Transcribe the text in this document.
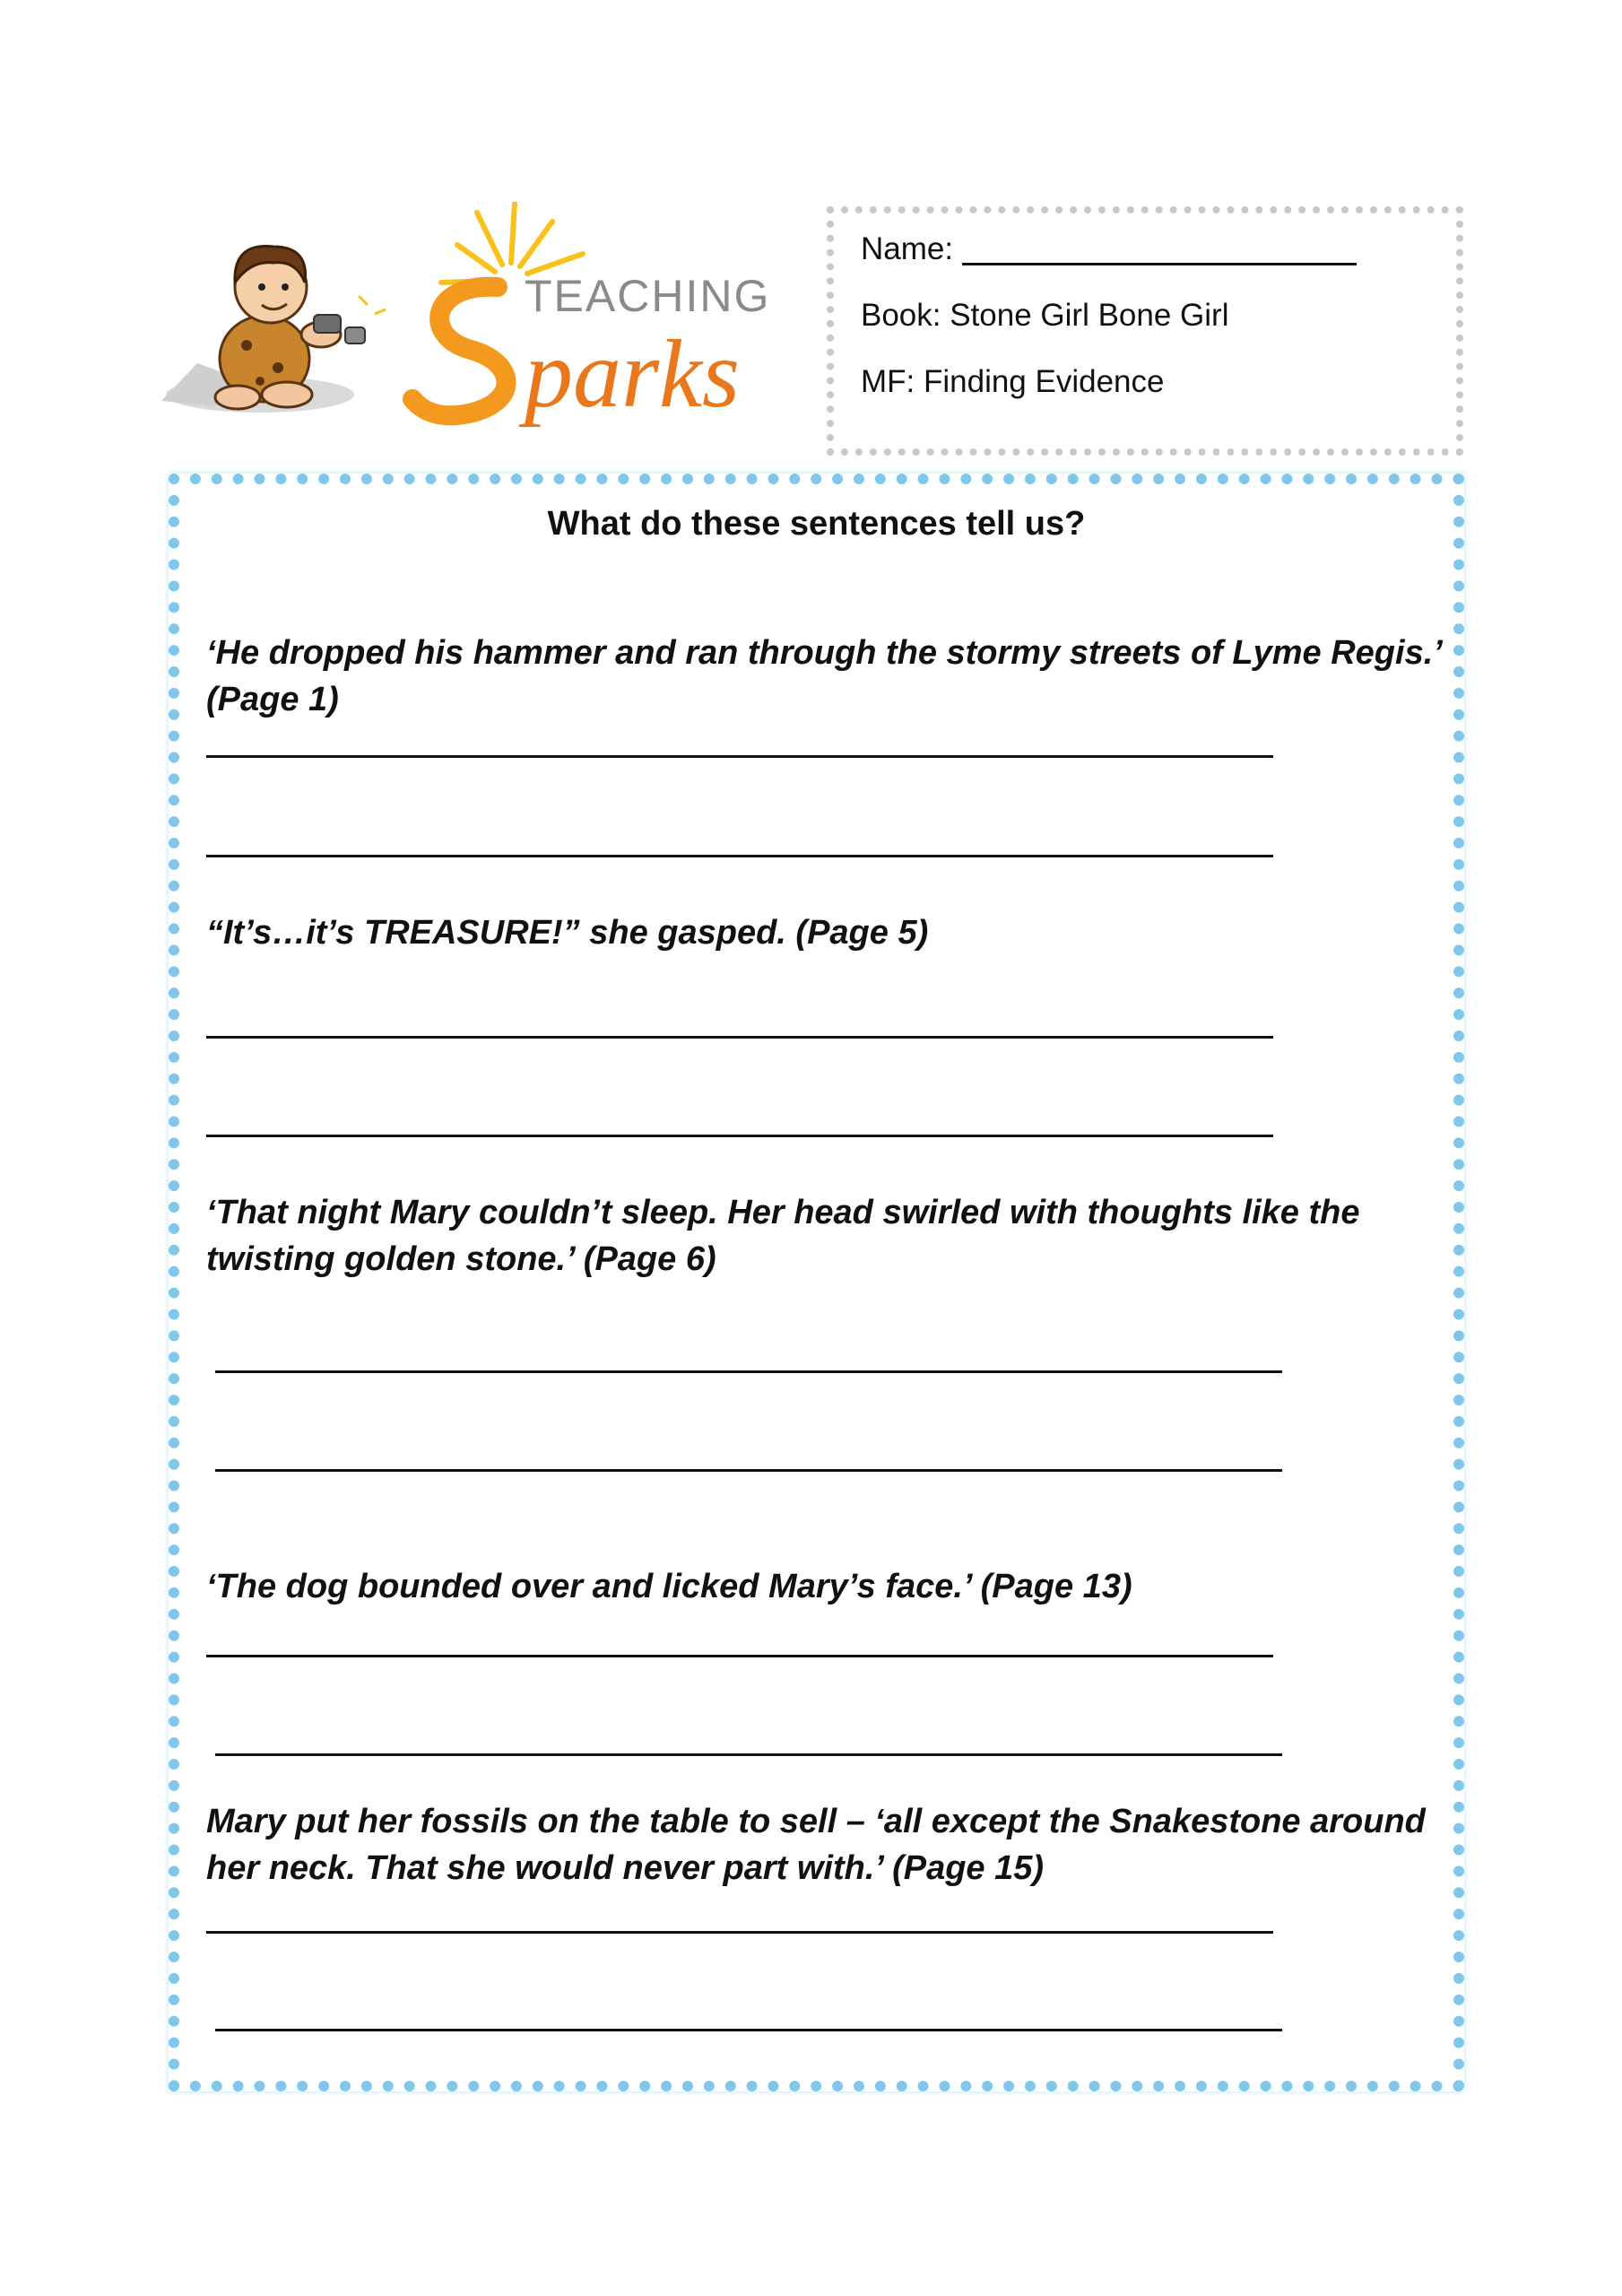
TEACHING
parks
Name:
Book: Stone Girl Bone Girl
MF: Finding Evidence
What do these sentences tell us?

‘He dropped his hammer and ran through the stormy streets of Lyme Regis.’
(Page 1)

“It’s…it’s TREASURE!” she gasped. (Page 5)

‘That night Mary couldn’t sleep. Her head swirled with thoughts like the
twisting golden stone.’ (Page 6)

‘The dog bounded over and licked Mary’s face.’ (Page 13)

Mary put her fossils on the table to sell – ‘all except the Snakestone around
her neck. That she would never part with.’ (Page 15)
